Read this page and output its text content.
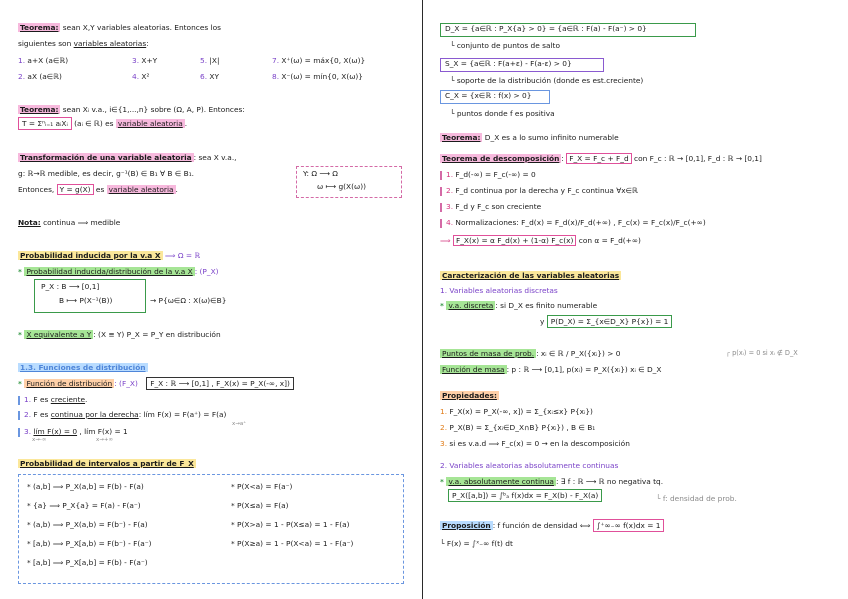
Teorema: sean X,Y variables aleatorias. Entonces los
siguientes son variables aleatorias:
1. a+X (a∈ℝ)	3. X+Y	5. |X|	7. X⁺(ω) = máx{0, X(ω)}
2. aX (a∈ℝ)	4. X²	6. XY	8. X⁻(ω) = mín{0, X(ω)}
Teorema: sean Xᵢ v.a., i∈{1,...,n} sobre (Ω, A, P). Entonces:
T = Σⁿᵢ₌₁ aᵢXᵢ (aᵢ ∈ ℝ) es variable aleatoria .
Transformación de una variable aleatoria : sea X v.a.,
g: ℝ→ℝ medible, es decir, g⁻¹(B) ∈ B₁ ∀ B ∈ B₁.
Entonces, Y = g(X) es variable aleatoria .
Y: Ω ⟶ Ω
ω ⟼ g(X(ω))
Nota: continua ⟹ medible
Probabilidad inducida por la v.a X ⟹ Ω = ℝ
* Probabilidad inducida/distribución de la v.a X : (P_X)
P_X : B ⟶ [0,1]
B ⟼ P(X⁻¹(B))	→ P{ω∈Ω : X(ω)∈B}
* X equivalente a Y : (X ≡ Y) P_X = P_Y en distribución
1.3. Funciones de distribución
* Función de distribución : (F_X) F_X : ℝ ⟶ [0,1] , F_X(x) = P_X(-∞, x])
1. F es creciente.
2. F es continua por la derecha: lím F(x) = F(a⁺) = F(a)
x→a⁺
3. lím F(x) = 0 , lím F(x) = 1
x→-∞	x→+∞
Probabilidad de intervalos a partir de F_X
* (a,b] ⟹ P_X(a,b] = F(b) - F(a)	* P(X<a) = F(a⁻)
* {a} ⟹ P_X{a} = F(a) - F(a⁻)	* P(X≤a) = F(a)
* (a,b) ⟹ P_X(a,b) = F(b⁻) - F(a)	* P(X>a) = 1 - P(X≤a) = 1 - F(a)
* [a,b) ⟹ P_X[a,b) = F(b⁻) - F(a⁻)	* P(X≥a) = 1 - P(X<a) = 1 - F(a⁻)
* [a,b] ⟹ P_X[a,b] = F(b) - F(a⁻)
D_X = {a∈ℝ : P_X{a} > 0} = {a∈ℝ : F(a) - F(a⁻) > 0}
└ conjunto de puntos de salto
S_X = {a∈ℝ : F(a+ε) - F(a-ε) > 0}
└ soporte de la distribución (donde es est.creciente)
C_X = {x∈ℝ : f(x) > 0}
└ puntos donde f es positiva
Teorema: D_X es a lo sumo infinito numerable
Teorema de descomposición : F_X = F_c + F_d con F_c : ℝ → [0,1], F_d : ℝ → [0,1]
1. F_d(-∞) = F_c(-∞) = 0
2. F_d continua por la derecha y F_c continua ∀x∈ℝ
3. F_d y F_c son creciente
4. Normalizaciones: F_d(x) = F_d(x)/F_d(+∞) , F_c(x) = F_c(x)/F_c(+∞)
⟹ F_X(x) = α F_d(x) + (1-α) F_c(x) con α = F_d(+∞)
Caracterización de las variables aleatorias
1. Variables aleatorias discretas
* v.a. discreta : si D_X es finito numerable
y P(D_X) = Σ_{x∈D_X} P{x}) = 1
Puntos de masa de prob. : xᵢ ∈ ℝ / P_X({xᵢ}) > 0	┌ p(xᵢ) = 0 si xᵢ ∉ D_X
Función de masa : p : ℝ ⟶ [0,1], p(xᵢ) = P_X({xᵢ}) xᵢ ∈ D_X
Propiedades:
1. F_X(x) = P_X(-∞, x]) = Σ_{xᵢ≤x} P{xᵢ})
2. P_X(B) = Σ_{xᵢ∈D_X∩B} P{xᵢ}) , B ∈ B₁
3. si es v.a.d ⟹ F_c(x) = 0 → en la descomposición
2. Variables aleatorias absolutamente continuas
* v.a. absolutamente continua : ∃ f : ℝ ⟶ ℝ no negativa tq.
P_X([a,b]) = ∫ᵇₐ f(x)dx = F_X(b) - F_X(a)	└ f: densidad de prob.
Proposición : f función de densidad ⟺ ∫⁺∞₋∞ f(x)dx = 1
└ F(x) = ∫ˣ₋∞ f(t) dt
